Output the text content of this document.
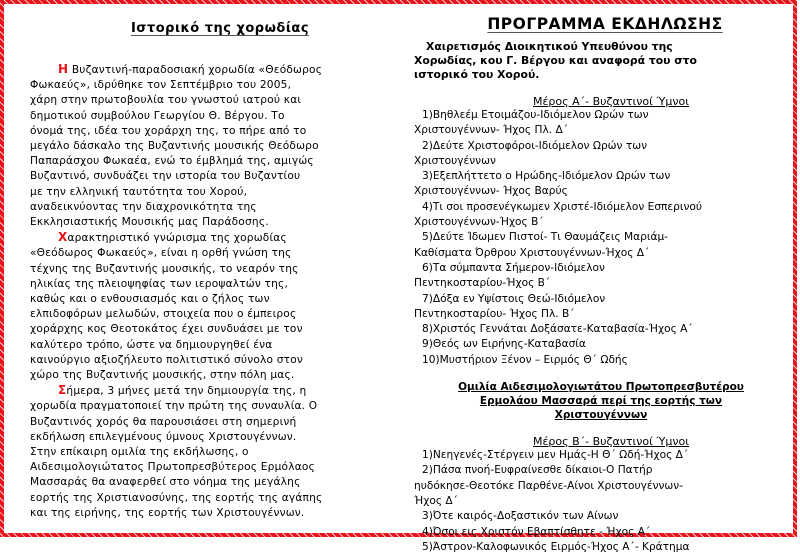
Ιστορικό της χορωδίας
Η Βυζαντινή-παραδοσιακή χορωδία «Θεόδωρος
Φωκαεύς», ιδρύθηκε τον Σεπτέμβριο του 2005,
χάρη στην πρωτοβουλία του γνωστού ιατρού και
δημοτικού συμβούλου Γεωργίου Θ. Βέργου. Το
όνομά της, ιδέα του χοράρχη της, το πήρε από το
μεγάλο δάσκαλο της Βυζαντινής μουσικής Θεόδωρο
Παπαράσχου Φωκαέα, ενώ το έμβλημά της, αμιγώς
Βυζαντινό, συνδυάζει την ιστορία του Βυζαντίου
με την ελληνική ταυτότητα του Χορού,
αναδεικνύοντας την διαχρονικότητα της
Εκκλησιαστικής Μουσικής μας Παράδοσης.
Χαρακτηριστικό γνώρισμα της χορωδίας
«Θεόδωρος Φωκαεύς», είναι η ορθή γνώση της
τέχνης της Βυζαντινής μουσικής, το νεαρόν της
ηλικίας της πλειοψηφίας των ιεροψαλτών της,
καθώς και ο ενθουσιασμός και ο ζήλος των
ελπιδοφόρων μελωδών, στοιχεία που ο έμπειρος
χοράρχης κος Θεοτοκάτος έχει συνδυάσει με τον
καλύτερο τρόπο, ώστε να δημιουργηθεί ένα
καινούργιο αξιοζήλευτο πολιτιστικό σύνολο στον
χώρο της Βυζαντινής μουσικής, στην πόλη μας.
Σήμερα, 3 μήνες μετά την δημιουργία της, η
χορωδία πραγματοποιεί την πρώτη της συναυλία. Ο
Βυζαντινός χορός θα παρουσιάσει στη σημερινή
εκδήλωση επιλεγμένους ύμνους Χριστουγέννων.
Στην επίκαιρη ομιλία της εκδήλωσης, ο
Αιδεσιμολογιώτατος Πρωτοπρεσβύτερος Ερμόλαος
Μασσαράς θα αναφερθεί στο νόημα της μεγάλης
εορτής της Χριστιανοσύνης, της εορτής της αγάπης
και της ειρήνης, της εορτής των Χριστουγέννων.
ΠΡΟΓΡΑΜΜΑ ΕΚΔΗΛΩΣΗΣ
Χαιρετισμός Διοικητικού Υπευθύνου της
Χορωδίας, κου Γ. Βέργου και αναφορά του στο
ιστορικό του Χορού.
Μέρος Α΄- Βυζαντινοί Ύμνοι
1)Βηθλεέμ Ετοιμάζου-Ιδιόμελον Ωρών των
Χριστουγέννων- Ήχος Πλ. Δ΄
2)Δεύτε Χριστοφόροι-Ιδιόμελον Ωρών των
Χριστουγέννων
3)Εξεπλήττετο ο Ηρώδης-Ιδιόμελον Ωρών των
Χριστουγέννων- Ήχος Βαρύς
4)Τι σοι προσενέγκωμεν Χριστέ-Ιδιόμελον Εσπερινού
Χριστουγέννων-Ήχος Β΄
5)Δεύτε Ίδωμεν Πιστοί- Τι Θαυμάζεις Μαριάμ-
Καθίσματα Όρθρου Χριστουγέννων-Ήχος Δ΄
6)Τα σύμπαντα Σήμερον-Ιδιόμελον
Πεντηκοσταρίου-Ήχος Β΄
7)Δόξα εν Υψίστοις Θεώ-Ιδιόμελον
Πεντηκοσταρίου- Ήχος Πλ. Β΄
8)Χριστός Γεννάται Δοξάσατε-Καταβασία-Ήχος Α΄
9)Θεός ων Ειρήνης-Καταβασία
10)Μυστήριον Ξένον – Ειρμός Θ΄ Ωδής
Ομιλία Αιδεσιμολογιωτάτου Πρωτοπρεσβυτέρου
Ερμολάου Μασσαρά περί της εορτής των
Χριστουγέννων
Μέρος Β΄- Βυζαντινοί Ύμνοι
1)Νεηγενές-Στέργειν μεν Ημάς-Η Θ΄ Ωδή-Ήχος Δ΄
2)Πάσα πνοή-Ευφραίνεσθε δίκαιοι-Ο Πατήρ
ηυδόκησε-Θεοτόκε Παρθένε-Αίνοι Χριστουγέννων-
Ήχος Δ΄
3)Ότε καιρός-Δοξαστικόν των Αίνων
4)Όσοι εις Χριστόν Εβαπτίσθητε - Ήχος Α΄
5)Άστρον-Καλοφωνικός Ειρμός-Ήχος Α΄- Κράτημα
